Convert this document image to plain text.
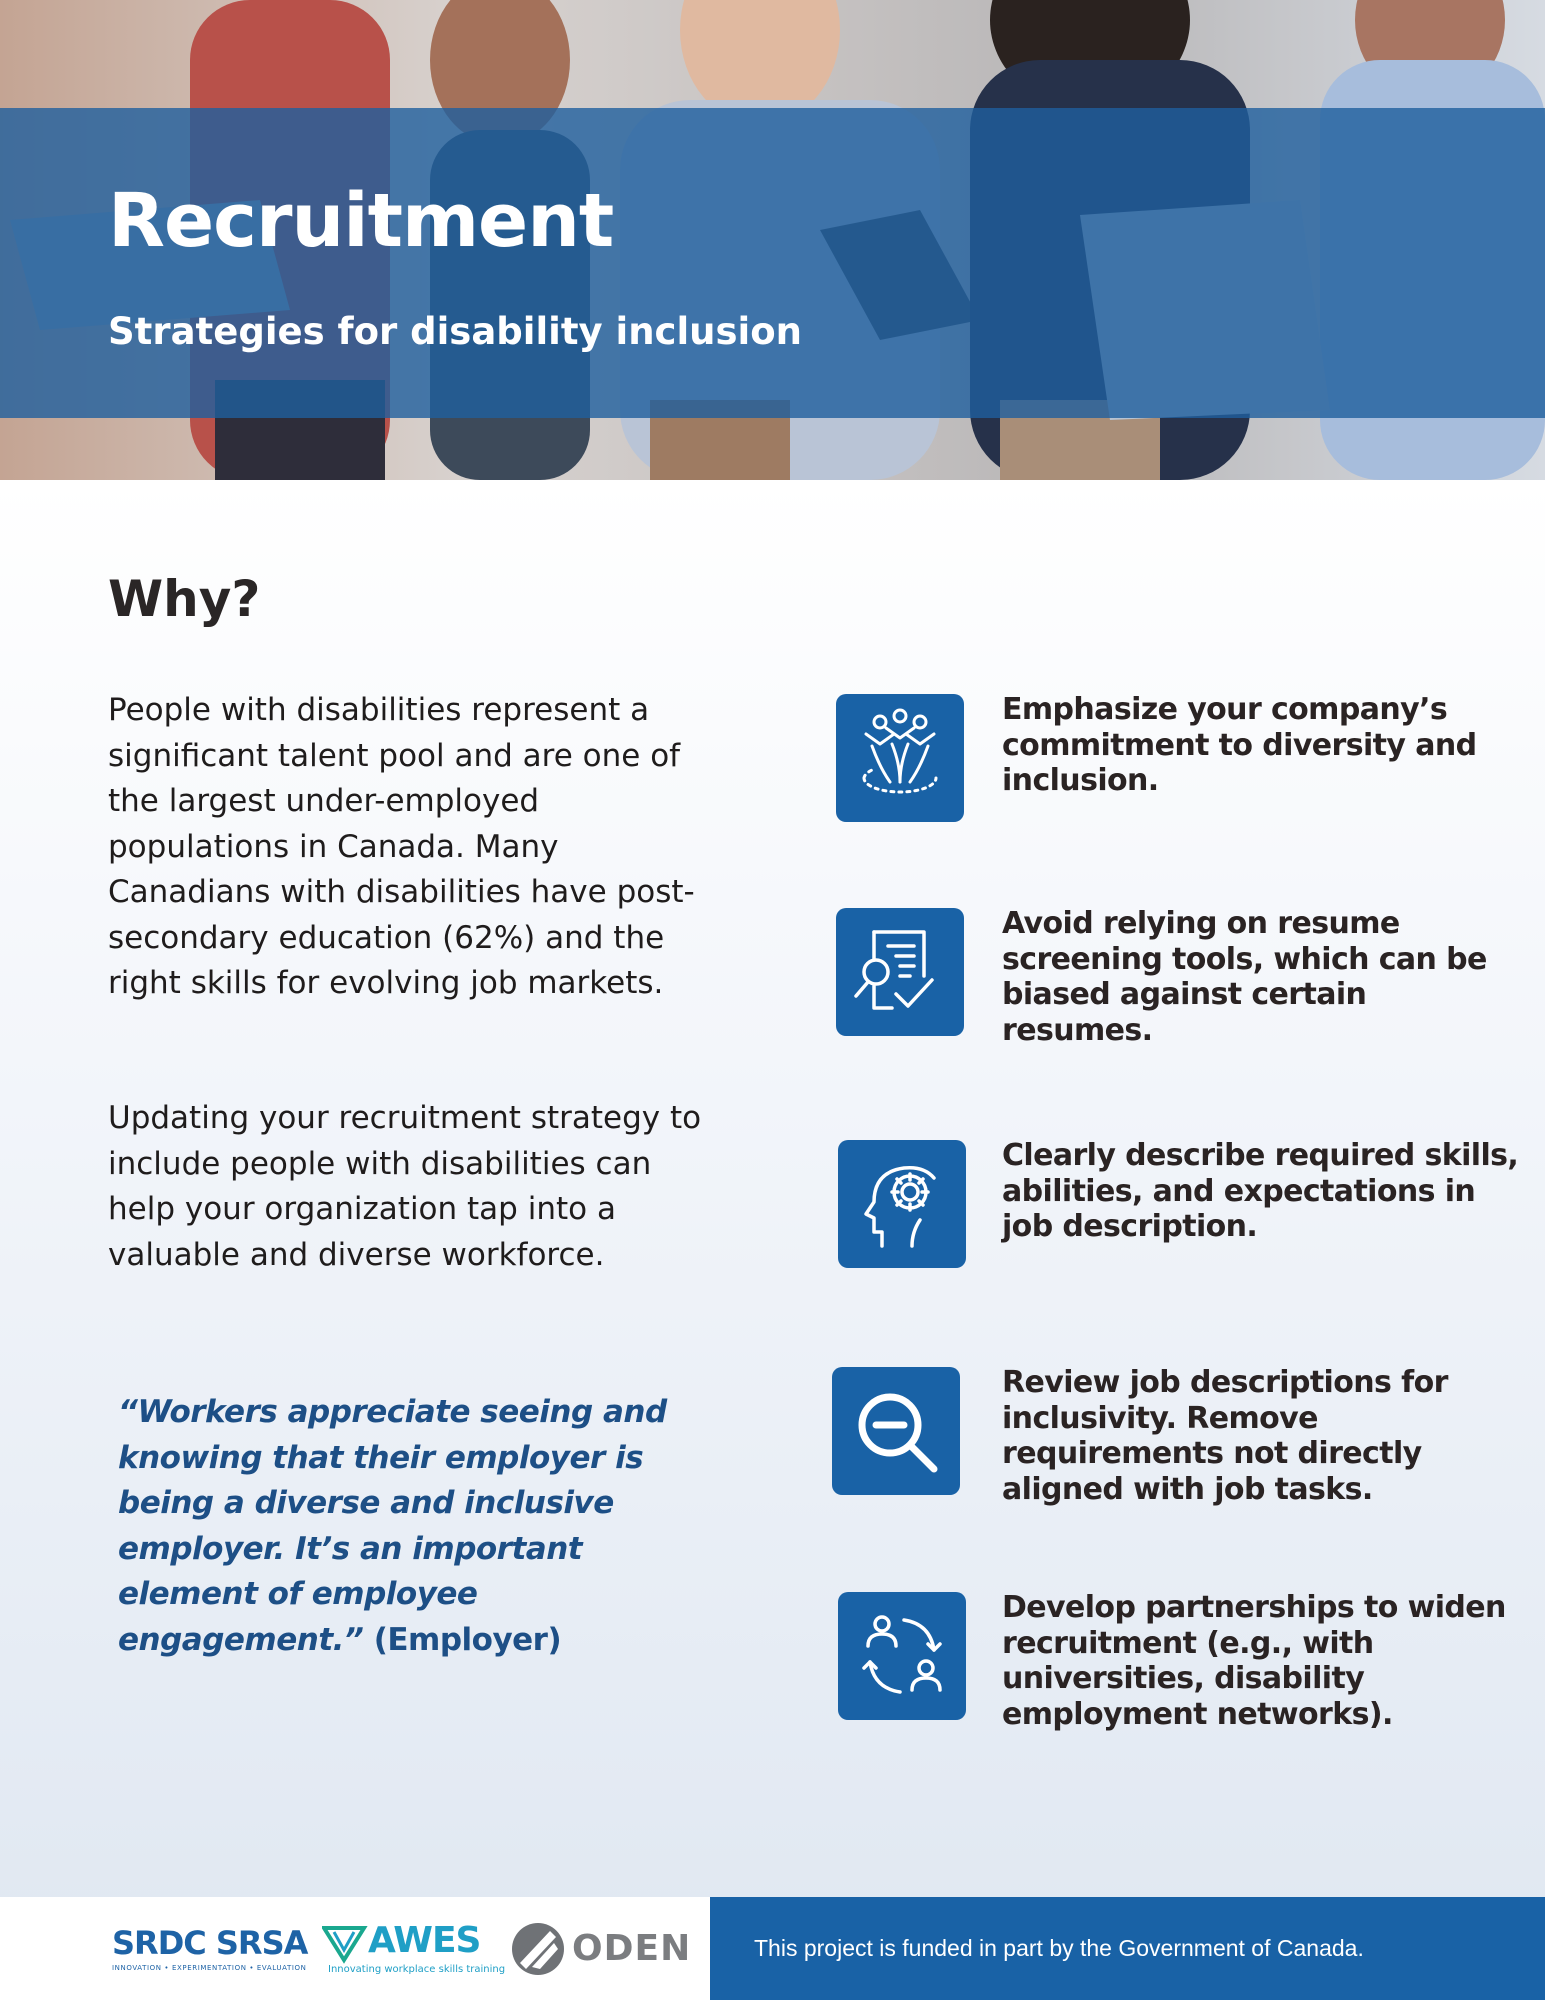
Recruitment
Strategies for disability inclusion
Why?

People with disabilities represent a significant talent pool and are one of the largest under-employed populations in Canada. Many Canadians with disabilities have post-secondary education (62%) and the right skills for evolving job markets.

Updating your recruitment strategy to include people with disabilities can help your organization tap into a valuable and diverse workforce.

“Workers appreciate seeing and knowing that their employer is being a diverse and inclusive employer. It’s an important element of employee engagement.” (Employer)
Emphasize your company’s commitment to diversity and inclusion.
Avoid relying on resume screening tools, which can be biased against certain resumes.
Clearly describe required skills, abilities, and expectations in job description.
Review job descriptions for inclusivity. Remove requirements not directly aligned with job tasks.
Develop partnerships to widen recruitment (e.g., with universities, disability employment networks).
SRDC SRSA
INNOVATION • EXPERIMENTATION • EVALUATION
AWES
Innovating workplace skills training
ODEN	This project is funded in part by the Government of Canada.
